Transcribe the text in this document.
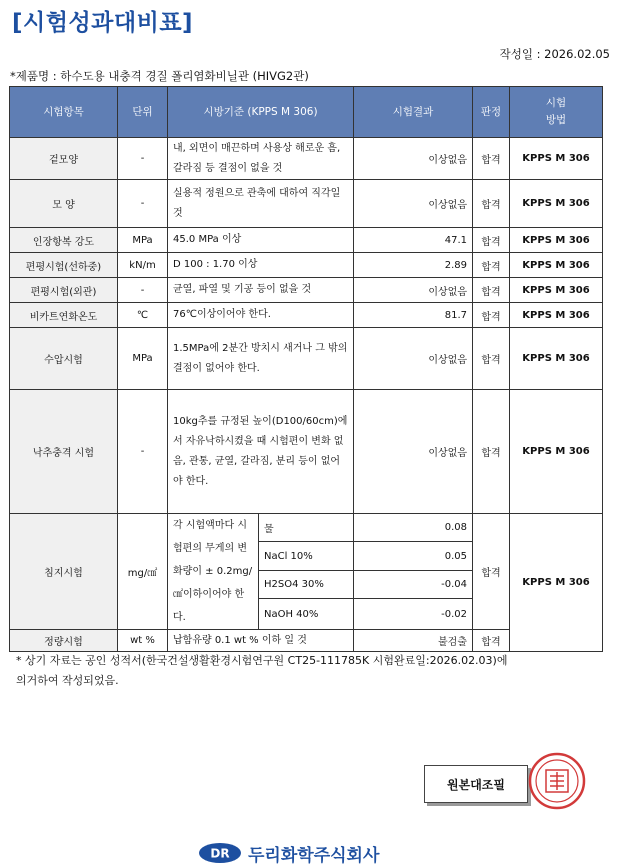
[시험성과대비표]
작성일 : 2026.02.05
*제품명 : 하수도용 내충격 경질 폴리염화비닐관 (HIVG2관)
시험항목	단위	시방기준 (KPPS M 306)		시험결과	판정	시험
방법
겉모양	-	내, 외면이 매끈하며 사용상 해로운 흠, 갈라짐 등 결점이 없을 것		이상없음	합격	KPPS M 306
모 양	-	실용적 정원으로 관축에 대하여 직각일 것		이상없음	합격	KPPS M 306
인장항복 강도	MPa	45.0 MPa 이상		47.1	합격	KPPS M 306
편평시험(선하중)	kN/m	D 100 : 1.70 이상		2.89	합격	KPPS M 306
편평시험(외관)	-	균열, 파열 및 기공 등이 없을 것		이상없음	합격	KPPS M 306
비카트연화온도	℃	76℃이상이어야 한다.		81.7	합격	KPPS M 306
수압시험	MPa	1.5MPa에 2분간 방치시 새거나 그 밖의 결점이 없어야 한다.		이상없음	합격	KPPS M 306
낙추충격 시험	-	10kg추를 규정된 높이(D100/60cm)에서 자유낙하시켰을 때 시험편이 변화 없음, 관통, 균열, 갈라짐, 분리 등이 없어야 한다.		이상없음	합격	KPPS M 306
침지시험	mg/㎠	각 시험액마다 시험편의 무게의 변화량이 ± 0.2mg/㎠이하이어야 한다.	물	0.08	합격	KPPS M 306
			NaCl 10%	0.05		
			H2SO4 30%	-0.04		
			NaOH 40%	-0.02		
정량시험	wt %	납함유량 0.1 wt % 이하 일 것		불검출	합격	
* 상기 자료는 공인 성적서(한국건설생활환경시험연구원 CT25-111785K 시험완료일:2026.02.03)에
의거하여 작성되었음.
원본대조필
DR 두리화학주식회사
